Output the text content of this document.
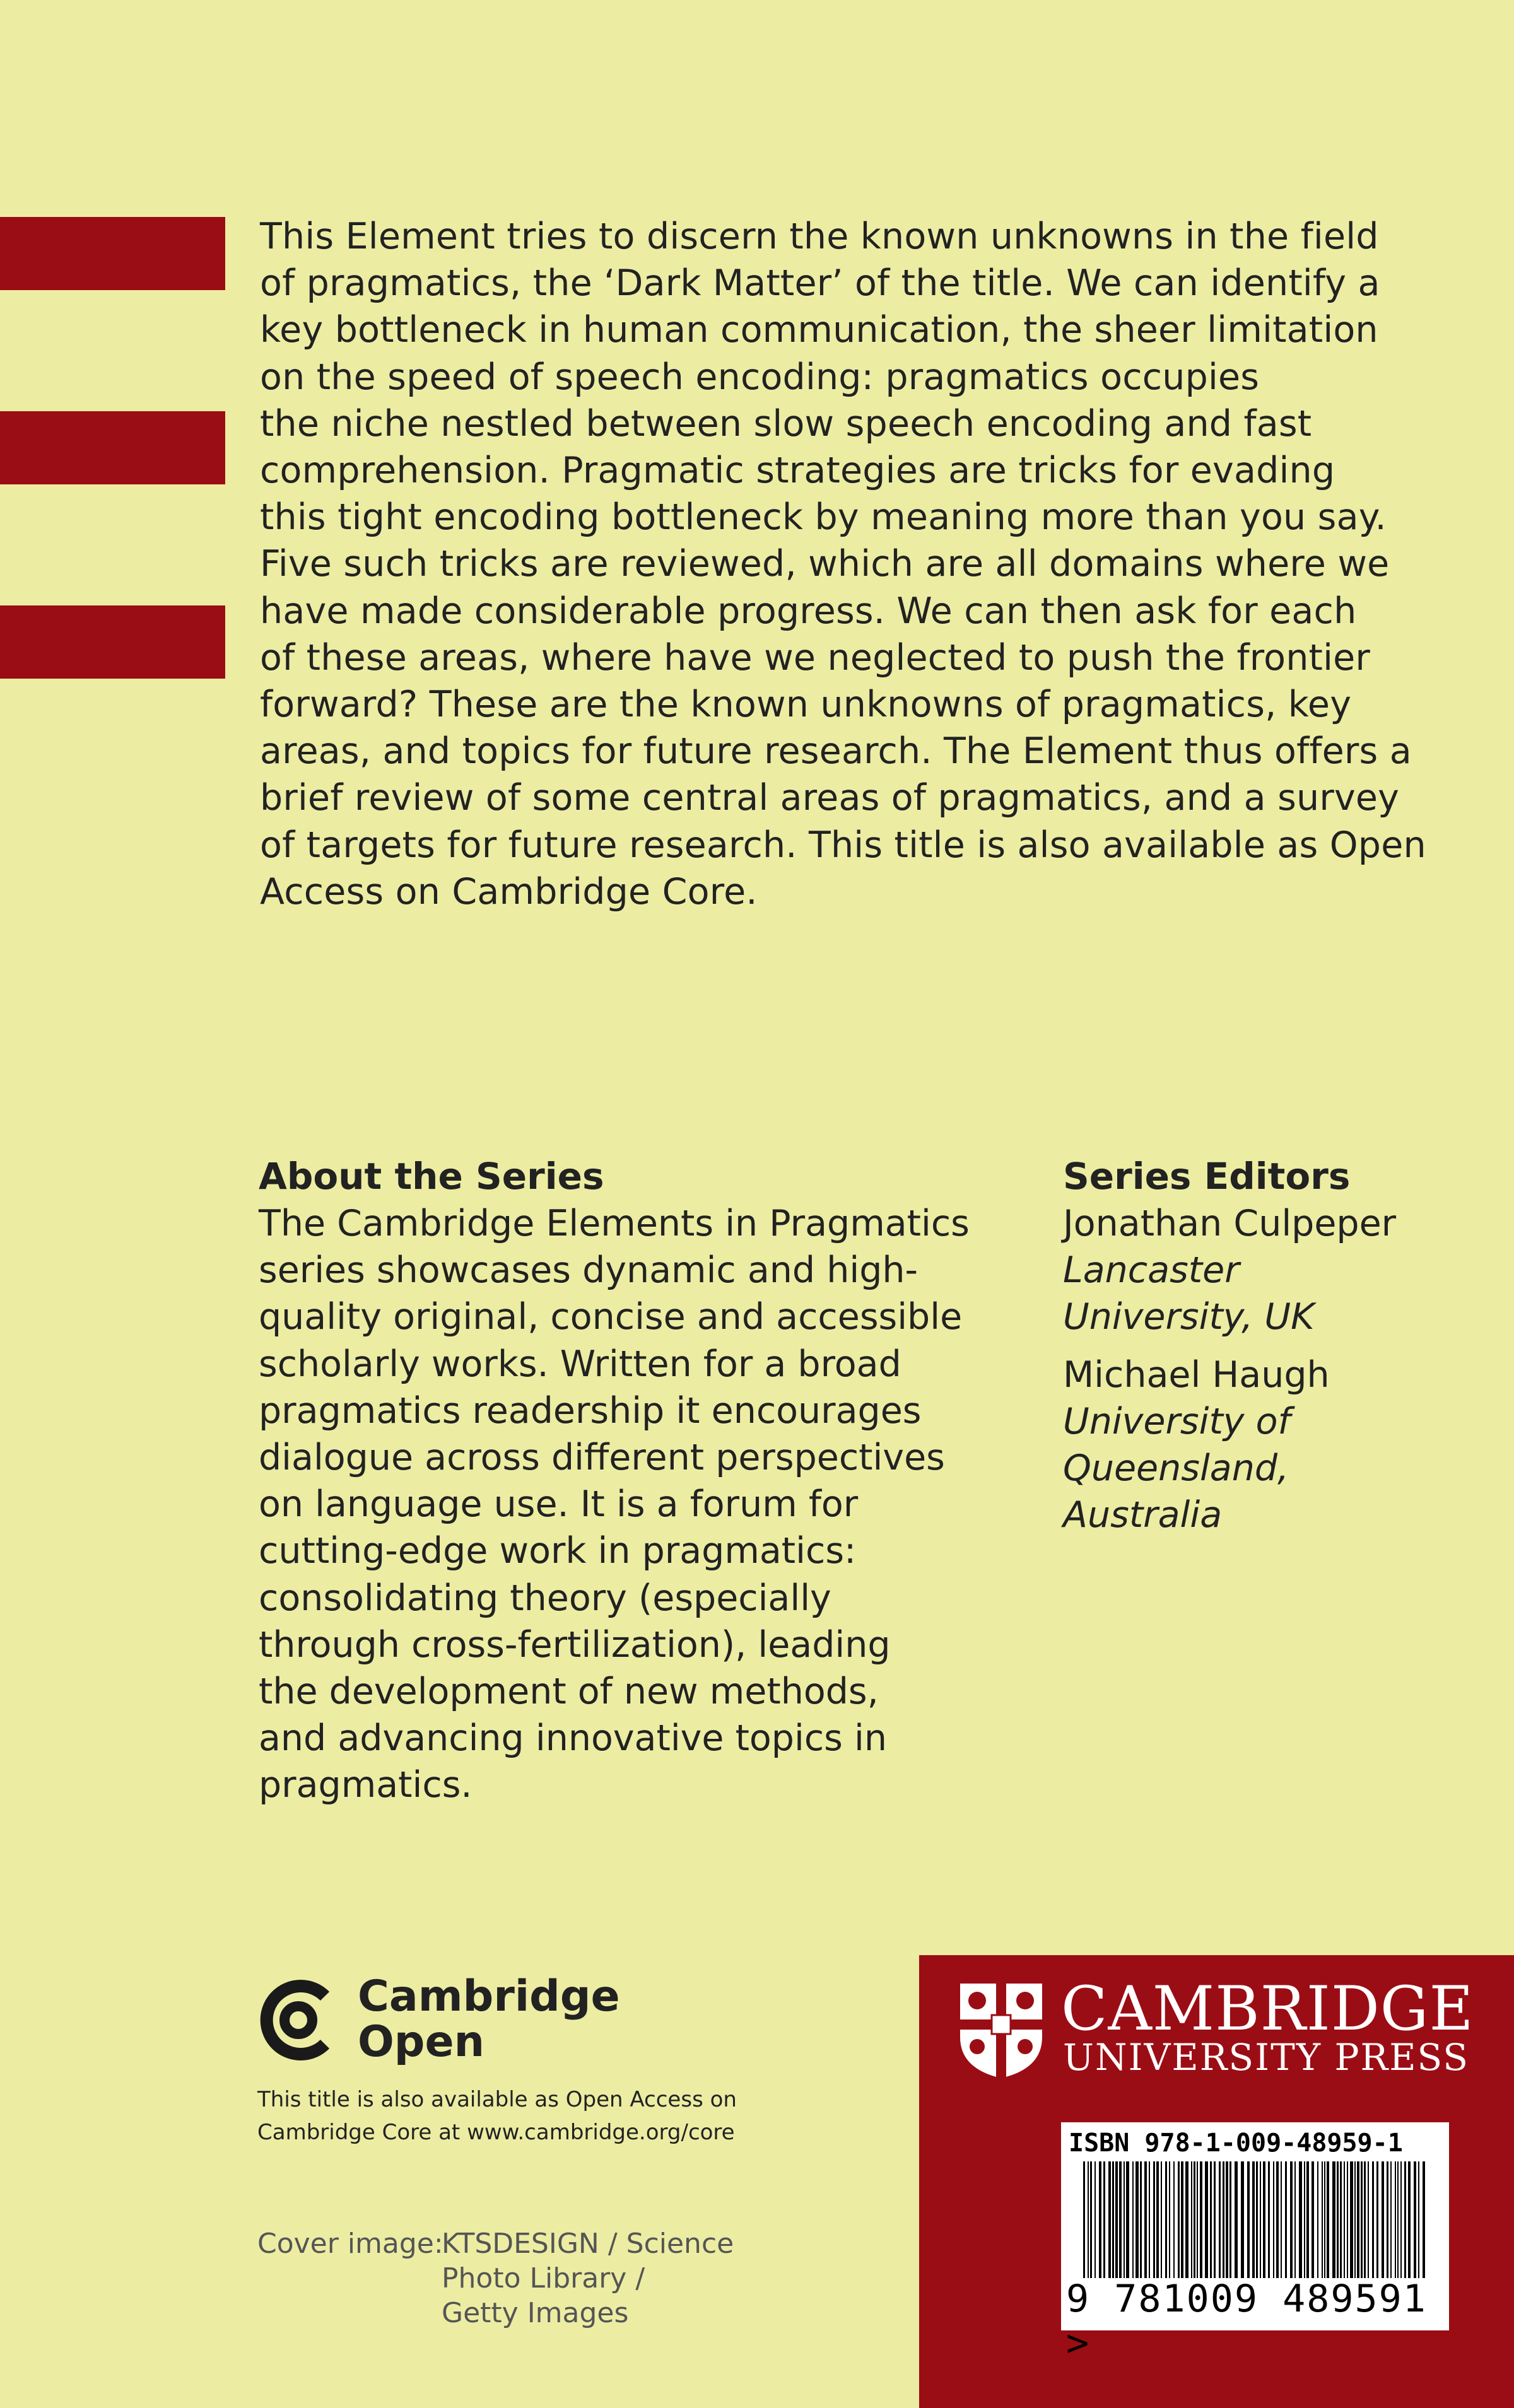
This Element tries to discern the known unknowns in the field
of pragmatics, the ‘Dark Matter’ of the title. We can identify a
key bottleneck in human communication, the sheer limitation
on the speed of speech encoding: pragmatics occupies
the niche nestled between slow speech encoding and fast
comprehension. Pragmatic strategies are tricks for evading
this tight encoding bottleneck by meaning more than you say.
Five such tricks are reviewed, which are all domains where we
have made considerable progress. We can then ask for each
of these areas, where have we neglected to push the frontier
forward? These are the known unknowns of pragmatics, key
areas, and topics for future research. The Element thus offers a
brief review of some central areas of pragmatics, and a survey
of targets for future research. This title is also available as Open
Access on Cambridge Core.
About the Series
The Cambridge Elements in Pragmatics
series showcases dynamic and high-
quality original, concise and accessible
scholarly works. Written for a broad
pragmatics readership it encourages
dialogue across different perspectives
on language use. It is a forum for
cutting-edge work in pragmatics:
consolidating theory (especially
through cross-fertilization), leading
the development of new methods,
and advancing innovative topics in
pragmatics.
Series Editors
Jonathan Culpeper
Lancaster
University, UK
Michael Haugh
University of
Queensland,
Australia
Cambridge
Open
This title is also available as Open Access on
Cambridge Core at www.cambridge.org/core
Cover image:
KTSDESIGN / Science
Photo Library /
Getty Images
CAMBRIDGE
UNIVERSITY PRESS
ISBN 978-1-009-48959-1
9 781009 489591 >
